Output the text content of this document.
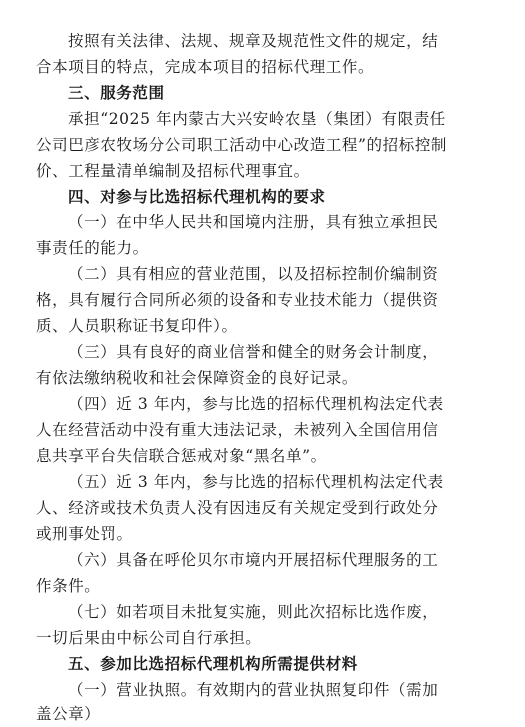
按照有关法律、法规、规章及规范性文件的规定，结
合本项目的特点，完成本项目的招标代理工作。
三、服务范围
承担“2025 年内蒙古大兴安岭农垦（集团）有限责任
公司巴彦农牧场分公司职工活动中心改造工程”的招标控制
价、工程量清单编制及招标代理事宜。
四、对参与比选招标代理机构的要求
（一）在中华人民共和国境内注册，具有独立承担民
事责任的能力。
（二）具有相应的营业范围，以及招标控制价编制资
格，具有履行合同所必须的设备和专业技术能力（提供资
质、人员职称证书复印件）。
（三）具有良好的商业信誉和健全的财务会计制度，
有依法缴纳税收和社会保障资金的良好记录。
（四）近 3 年内，参与比选的招标代理机构法定代表
人在经营活动中没有重大违法记录，未被列入全国信用信
息共享平台失信联合惩戒对象“黑名单”。
（五）近 3 年内，参与比选的招标代理机构法定代表
人、经济或技术负责人没有因违反有关规定受到行政处分
或刑事处罚。
（六）具备在呼伦贝尔市境内开展招标代理服务的工
作条件。
（七）如若项目未批复实施，则此次招标比选作废，
一切后果由中标公司自行承担。
五、参加比选招标代理机构所需提供材料
（一）营业执照。有效期内的营业执照复印件（需加
盖公章）
